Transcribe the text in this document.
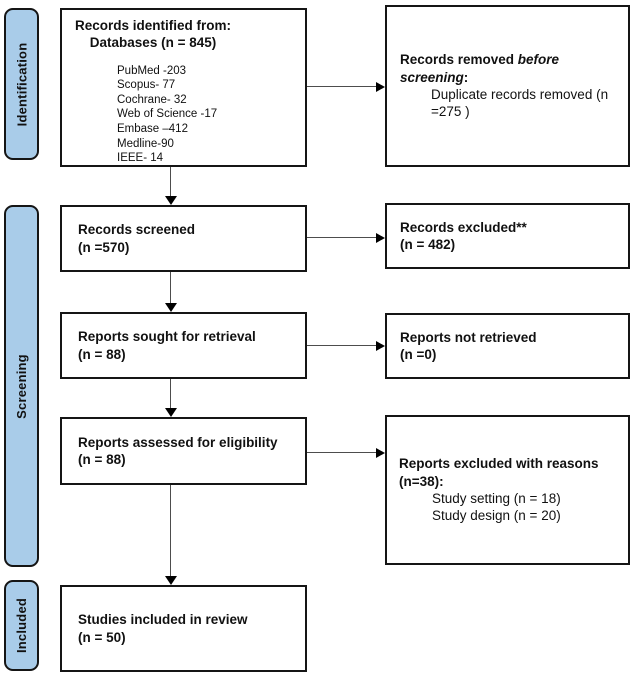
Identification
Screening
Included
Records identified from:
Databases (n = 845)
PubMed -203
Scopus- 77
Cochrane- 32
Web of Science -17
Embase –412
Medline-90
IEEE- 14
Records screened
(n =570)
Reports sought for retrieval
(n = 88)
Reports assessed for eligibility
(n = 88)
Studies included in review
(n = 50)
Records removed before screening:
Duplicate records removed (n
=275 )
Records excluded**
(n = 482)
Reports not retrieved
(n =0)
Reports excluded with reasons
(n=38):
Study setting (n = 18)
Study design (n = 20)
